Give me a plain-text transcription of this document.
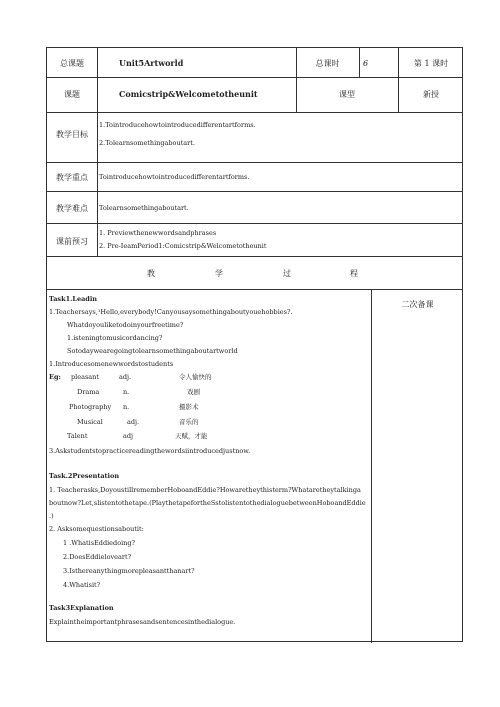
总课题	Unit5Artworld	总课时	6	第 1 课时
课题	Comicstrip&Welcometotheunit	课型	新授
教学目标
1.Tointroducehowtointroducedifferentartforms.
2.Tolearnsomethingaboutart.
教学重点	Tointroducehowtointroducedifferentartforms.
教学难点	Tolearnsomethingaboutart.
课前预习
1. Previewthenewwordsandphrases
2. Pre-IeamPeriod1:Comicstrip&Welcometotheunit
教	学	过	程
二次备课
Task1.Leadin
1.Teachersays,¹Hello,everybody!Canyousaysomethingaboutyouehobbies?.
Whatdoyouliketodoinyourfreetime?
1.isteningtomusicordancing?
Sotodaywearegoingtolearnsomethingaboutartworld
1.Introducesomenewwordstostudents
Eg: pleasant	adj.	令人愉快的
Drama	n.	戏剧
Photography n.	摄影术
Musical	adj.	音乐的
Talent	adj	天赋，才能
3.Askstudentstopracticereadingthewordsiintroducedjustnow.
Task.2Presentation
1. Teacherasks,DoyoustillrememberHoboandEddie?Howaretheythisterm?Whataretheytalkinga
boutnow?Let,slistentothetape.(PlaythetapefortheSstolistentothedialoguebetweenHoboandEddie
.)
2. Asksomequestionsaboutit:
1 .WhatisEddiedoing?
2.DoesEddieloveart?
3.Isthereanythingmorepleasantthanart?
4.Whatisit?
Task3Explanation
Explaintheimportantphrasesandsentencesinthedialogue.
